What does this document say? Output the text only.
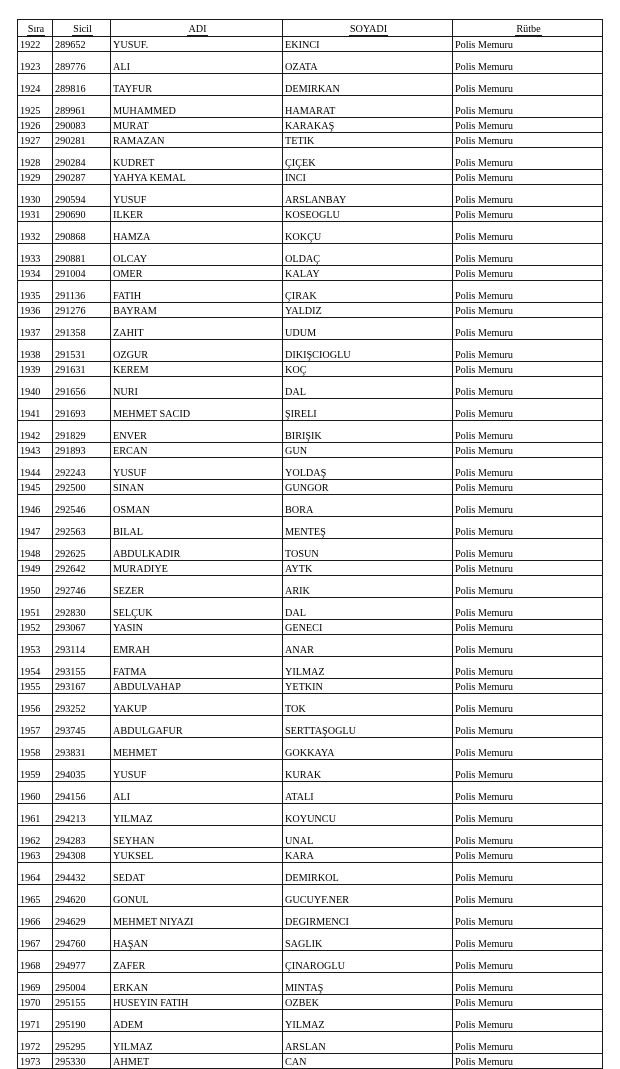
Sıra	Sicil	ADI	SOYADI	Rütbe
1922	289652	YUSUF.	EKINCI	Polis Memuru
1923	289776	ALI	OZATA	Polis Memuru
1924	289816	TAYFUR	DEMIRKAN	Polis Memuru
1925	289961	MUHAMMED	HAMARAT	Polis Memuru
1926	290083	MURAT	KARAKAŞ	Polis Memuru
1927	290281	RAMAZAN	TETIK	Polis Memuru
1928	290284	KUDRET	ÇIÇEK	Polis Memuru
1929	290287	YAHYA KEMAL	INCI	Polis Memuru
1930	290594	YUSUF	ARSLANBAY	Polis Memuru
1931	290690	ILKER	KOSEOGLU	Polis Memuru
1932	290868	HAMZA	KOKÇU	Polis Memuru
1933	290881	OLCAY	OLDAÇ	Polis Memuru
1934	291004	OMER	KALAY	Polis Memuru
1935	291136	FATIH	ÇIRAK	Polis Memuru
1936	291276	BAYRAM	YALDIZ	Polis Memuru
1937	291358	ZAHIT	UDUM	Polis Memuru
1938	291531	OZGUR	DIKIŞCIOGLU	Polis Memuru
1939	291631	KEREM	KOÇ	Polis Memuru
1940	291656	NURI	DAL	Polis Memuru
1941	291693	MEHMET SACID	ŞIRELI	Polis Memuru
1942	291829	ENVER	BIRIŞIK	Polis Memuru
1943	291893	ERCAN	GUN	Polis Memuru
1944	292243	YUSUF	YOLDAŞ	Polis Memuru
1945	292500	SINAN	GUNGOR	Polis Memuru
1946	292546	OSMAN	BORA	Polis Memuru
1947	292563	BILAL	MENTEŞ	Polis Memuru
1948	292625	ABDULKADIR	TOSUN	Polis Memuru
1949	292642	MURADIYE	AYTK	Polis Metnuru
1950	292746	SEZER	ARIK	Polis Memuru
1951	292830	SELÇUK	DAL	Polis Memuru
1952	293067	YASIN	GENECI	Polis Memuru
1953	293114	EMRAH	ANAR	Polis Memuru
1954	293155	FATMA	YILMAZ	Polis Memuru
1955	293167	ABDULVAHAP	YETKIN	Polis Memuru
1956	293252	YAKUP	TOK	Polis Memuru
1957	293745	ABDULGAFUR	SERTTAŞOGLU	Polis Memuru
1958	293831	MEHMET	GOKKAYA	Polis Memuru
1959	294035	YUSUF	KURAK	Polis Memuru
1960	294156	ALI	ATALI	Polis Memuru
1961	294213	YILMAZ	KOYUNCU	Polis Memuru
1962	294283	SEYHAN	UNAL	Polis Memuru
1963	294308	YUKSEL	KARA	Polis Memuru
1964	294432	SEDAT	DEMIRKOL	Polis Memuru
1965	294620	GONUL	GUCUYF.NER	Polis Memuru
1966	294629	MEHMET NIYAZI	DEGIRMENCI	Polis Memuru
1967	294760	HAŞAN	SAGLIK	Polis Memuru
1968	294977	ZAFER	ÇINAROGLU	Polis Memuru
1969	295004	ERKAN	MINTAŞ	Polis Memuru
1970	295155	HUSEYIN FATIH	OZBEK	Polis Memuru
1971	295190	ADEM	YILMAZ	Polis Memuru
1972	295295	YILMAZ	ARSLAN	Polis Memuru
1973	295330	AHMET	CAN	Polis Memuru
